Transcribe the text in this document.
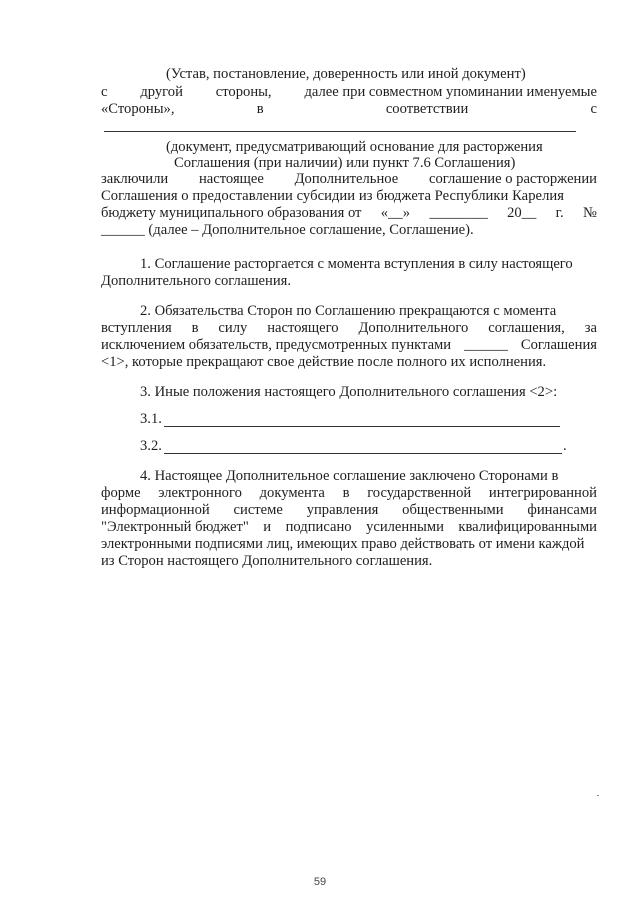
(Устав, постановление, доверенность или иной документ)
с другой стороны, далее при совместном упоминании именуемые
«Стороны»,	в	соответствии	с
(документ, предусматривающий основание для расторжения
Соглашения (при наличии) или пункт 7.6 Соглашения)
заключили настоящее Дополнительное соглашение о расторжении
Соглашения о предоставлении субсидии из бюджета Республики Карелия
бюджету муниципального образования от «__» ________ 20__ г. №
______ (далее – Дополнительное соглашение, Соглашение).
1. Соглашение расторгается с момента вступления в силу настоящего
Дополнительного соглашения.
2. Обязательства Сторон по Соглашению прекращаются с момента
вступления в силу настоящего Дополнительного соглашения, за
исключением обязательств, предусмотренных пунктами ______ Соглашения
<1>, которые прекращают свое действие после полного их исполнения.
3. Иные положения настоящего Дополнительного соглашения <2>:
3.1.
3.2.	.
4. Настоящее Дополнительное соглашение заключено Сторонами в
форме электронного документа в государственной интегрированной
информационной системе управления общественными финансами
"Электронный бюджет" и подписано усиленными квалифицированными
электронными подписями лиц, имеющих право действовать от имени каждой
из Сторон настоящего Дополнительного соглашения.
59
